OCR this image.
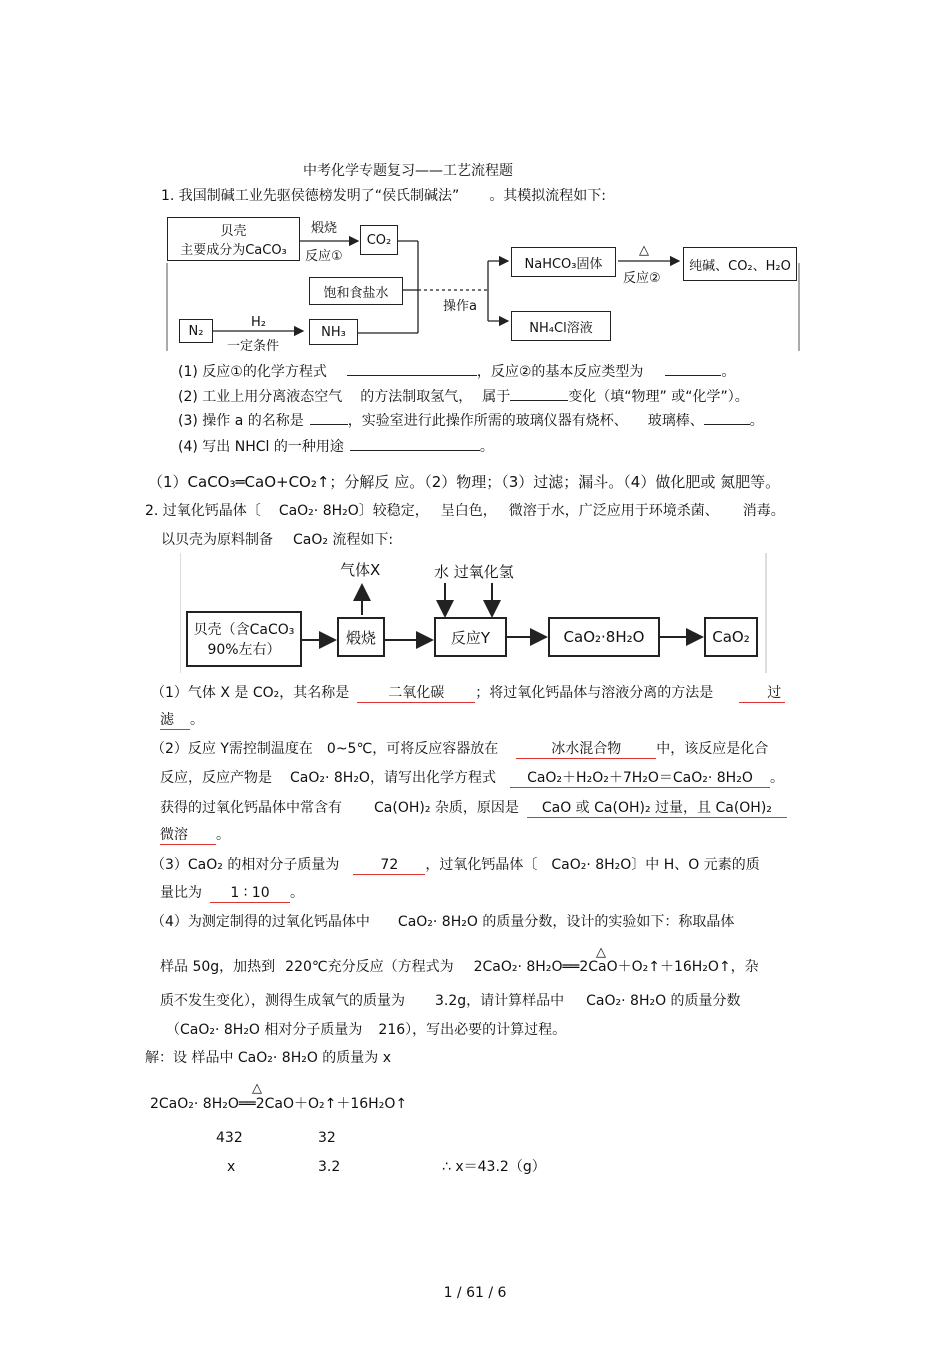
中考化学专题复习——工艺流程题
1. 我国制碱工业先驱侯德榜发明了“侯氏制碱法” 。其模拟流程如下:
贝壳
主要成分为CaCO₃
煅烧
反应①
CO₂
饱和食盐水
N₂
H₂
一定条件
NH₃
操作a
NaHCO₃固体
△
反应②
纯碱、CO₂、H₂O
NH₄Cl溶液
(1) 反应①的化学方程式	，反应②的基本反应类型为	。
(2) 工业上用分离液态空气 的方法制取氢气， 属于	变化（填“物理” 或“化学”）。
(3) 操作 a 的名称是	，实验室进行此操作所需的玻璃仪器有烧杯、 玻璃棒、	。
(4) 写出 NHCl 的一种用途	。
（1）CaCO₃═CaO+CO₂↑；分解反 应。（2）物理；（3）过滤；漏斗。（4）做化肥或 氮肥等。
2. 过氧化钙晶体〔 CaO₂· 8H₂O〕较稳定， 呈白色， 微溶于水，广泛应用于环境杀菌、 消毒。
以贝壳为原料制备 CaO₂ 流程如下:
气体X	水 过氧化氢
贝壳（含CaCO₃
90%左右）
煅烧	反应Y	CaO₂·8H₂O	CaO₂
（1）气体 X 是 CO₂，其名称是	二氧化碳 ；将过氧化钙晶体与溶液分离的方法是	过
滤 。
（2）反应 Y需控制温度在 0~5℃，可将反应容器放在	冰水混合物	中，该反应是化合
反应，反应产物是 CaO₂· 8H₂O，请写出化学方程式 CaO₂＋H₂O₂＋7H₂O＝CaO₂· 8H₂O 。
获得的过氧化钙晶体中常含有 Ca(OH)₂ 杂质，原因是 CaO 或 Ca(OH)₂ 过量，且 Ca(OH)₂
微溶 。
（3）CaO₂ 的相对分子质量为	72 ，过氧化钙晶体〔 CaO₂· 8H₂O〕中 H、O 元素的质
量比为 1 ∶ 10 。
（4）为测定制得的过氧化钙晶体中 CaO₂· 8H₂O 的质量分数，设计的实验如下：称取晶体
△
样品 50g，加热到 220℃充分反应（方程式为 2CaO₂· 8H₂O══2CaO＋O₂↑＋16H₂O↑，杂
质不发生变化），测得生成氧气的质量为 3.2g，请计算样品中 CaO₂· 8H₂O 的质量分数
（CaO₂· 8H₂O 相对分子质量为 216），写出必要的计算过程。
解：设 样品中 CaO₂· 8H₂O 的质量为 x
△
2CaO₂· 8H₂O══2CaO＋O₂↑＋16H₂O↑
432	32
x	3.2	∴ x＝43.2（g）
1 / 61 / 6
